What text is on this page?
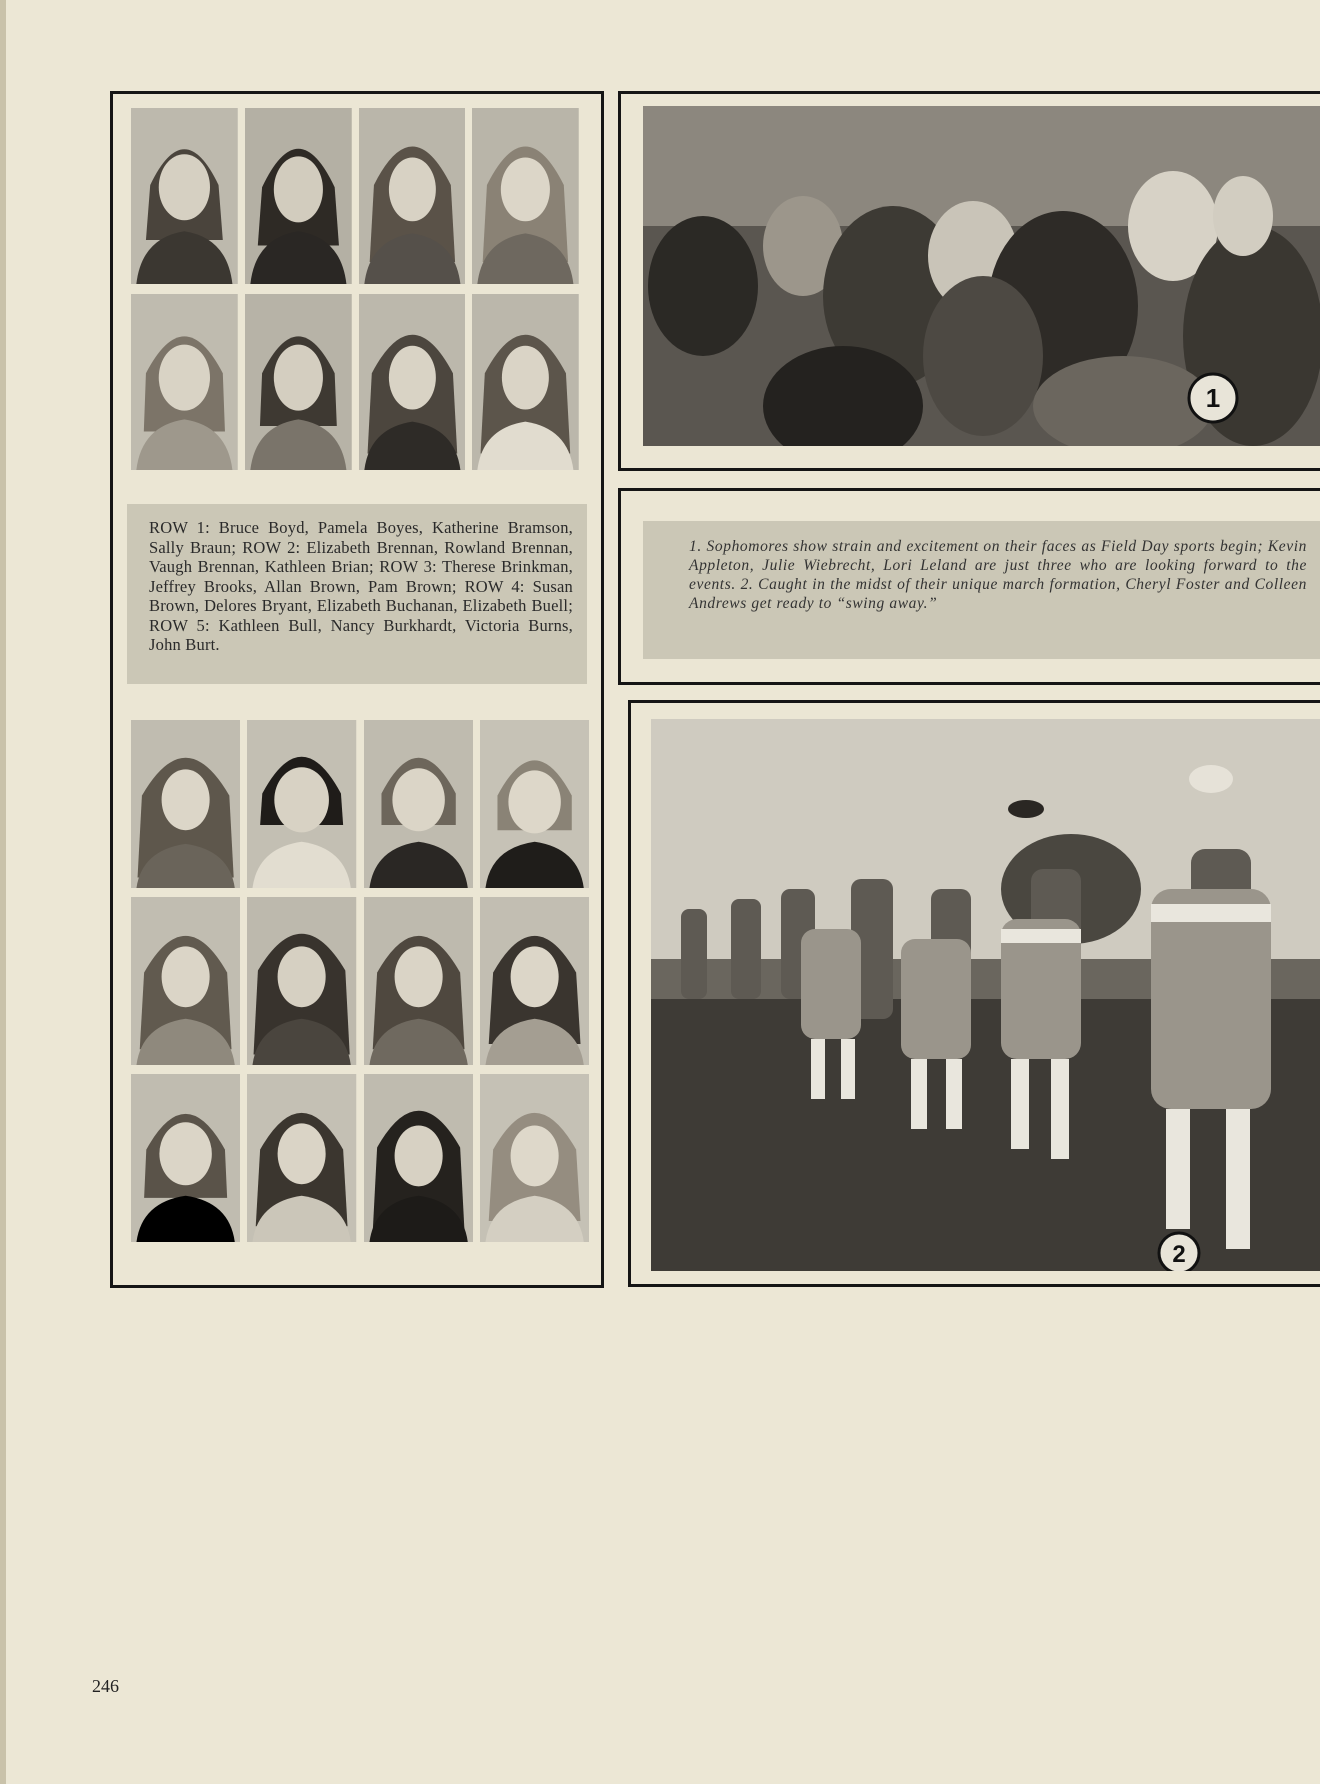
ROW 1: Bruce Boyd, Pamela Boyes, Katherine Bramson, Sally Braun; ROW 2: Elizabeth Brennan, Rowland Brennan, Vaugh Brennan, Kathleen Brian; ROW 3: Therese Brinkman, Jeffrey Brooks, Allan Brown, Pam Brown; ROW 4: Susan Brown, Delores Bryant, Elizabeth Buchanan, Elizabeth Buell; ROW 5: Kathleen Bull, Nancy Burkhardt, Victoria Burns, John Burt.
1
1. Sophomores show strain and excitement on their faces as Field Day sports begin; Kevin Appleton, Julie Wiebrecht, Lori Leland are just three who are looking forward to the events. 2. Caught in the midst of their unique march formation, Cheryl Foster and Colleen Andrews get ready to “swing away.”
2
246
